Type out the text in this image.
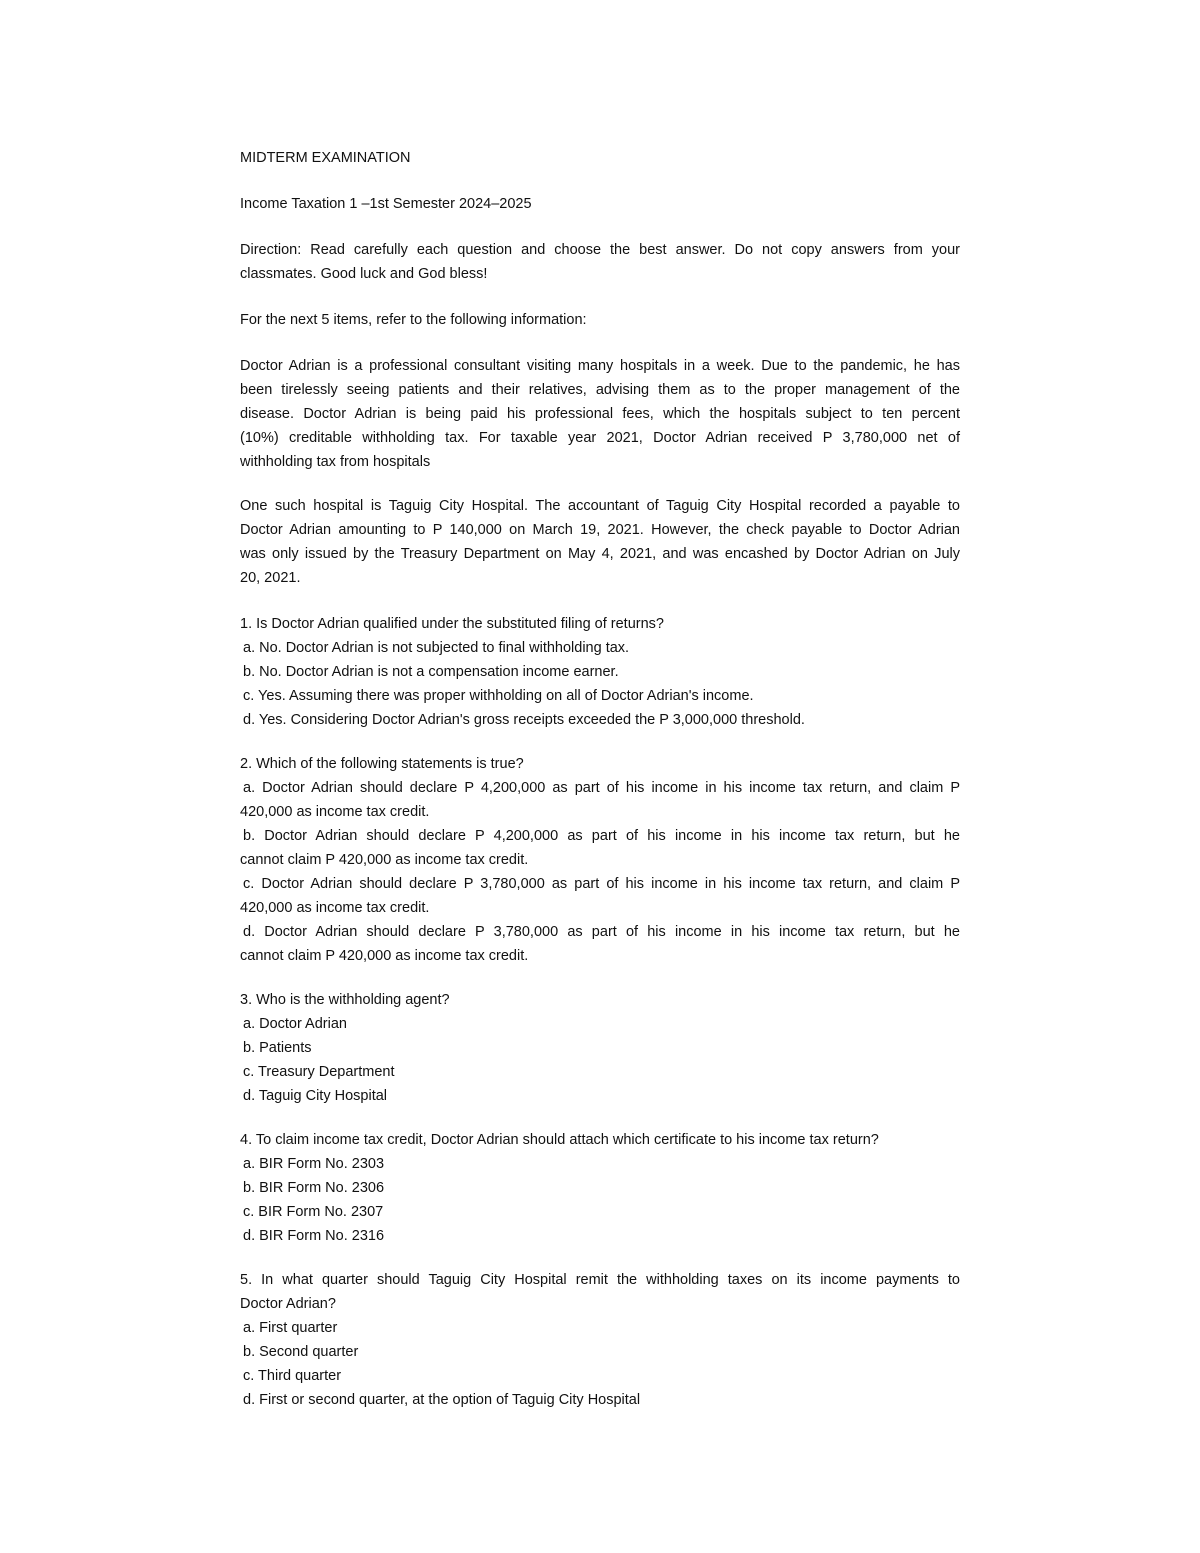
MIDTERM EXAMINATION
Income Taxation 1 –1st Semester 2024–2025
Direction: Read carefully each question and choose the best answer. Do not copy answers from your
classmates. Good luck and God bless!
For the next 5 items, refer to the following information:
Doctor Adrian is a professional consultant visiting many hospitals in a week. Due to the pandemic, he has
been tirelessly seeing patients and their relatives, advising them as to the proper management of the
disease. Doctor Adrian is being paid his professional fees, which the hospitals subject to ten percent
(10%) creditable withholding tax. For taxable year 2021, Doctor Adrian received P 3,780,000 net of
withholding tax from hospitals
One such hospital is Taguig City Hospital. The accountant of Taguig City Hospital recorded a payable to
Doctor Adrian amounting to P 140,000 on March 19, 2021. However, the check payable to Doctor Adrian
was only issued by the Treasury Department on May 4, 2021, and was encashed by Doctor Adrian on July
20, 2021.
1. Is Doctor Adrian qualified under the substituted filing of returns?
a. No. Doctor Adrian is not subjected to final withholding tax.
b. No. Doctor Adrian is not a compensation income earner.
c. Yes. Assuming there was proper withholding on all of Doctor Adrian's income.
d. Yes. Considering Doctor Adrian's gross receipts exceeded the P 3,000,000 threshold.
2. Which of the following statements is true?
a. Doctor Adrian should declare P 4,200,000 as part of his income in his income tax return, and claim P
420,000 as income tax credit.
b. Doctor Adrian should declare P 4,200,000 as part of his income in his income tax return, but he
cannot claim P 420,000 as income tax credit.
c. Doctor Adrian should declare P 3,780,000 as part of his income in his income tax return, and claim P
420,000 as income tax credit.
d. Doctor Adrian should declare P 3,780,000 as part of his income in his income tax return, but he
cannot claim P 420,000 as income tax credit.
3. Who is the withholding agent?
a. Doctor Adrian
b. Patients
c. Treasury Department
d. Taguig City Hospital
4. To claim income tax credit, Doctor Adrian should attach which certificate to his income tax return?
a. BIR Form No. 2303
b. BIR Form No. 2306
c. BIR Form No. 2307
d. BIR Form No. 2316
5. In what quarter should Taguig City Hospital remit the withholding taxes on its income payments to
Doctor Adrian?
a. First quarter
b. Second quarter
c. Third quarter
d. First or second quarter, at the option of Taguig City Hospital
